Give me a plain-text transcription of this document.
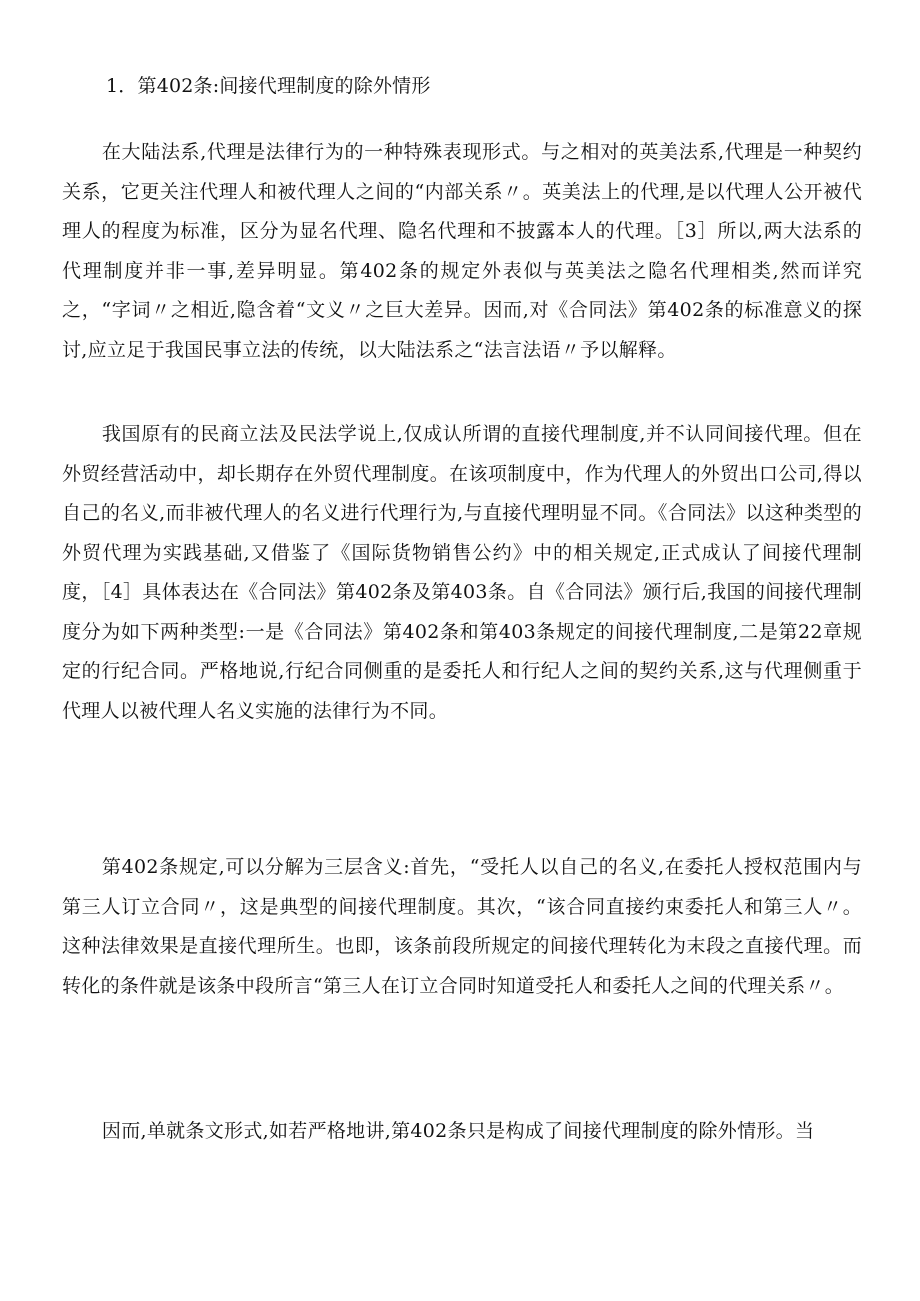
1．第402条:间接代理制度的除外情形

在大陆法系,代理是法律行为的一种特殊表现形式。与之相对的英美法系,代理是一种契约关系，它更关注代理人和被代理人之间的“内部关系〃。英美法上的代理,是以代理人公开被代理人的程度为标准，区分为显名代理、隐名代理和不披露本人的代理。［3］所以,两大法系的代理制度并非一事,差异明显。第402条的规定外表似与英美法之隐名代理相类,然而详究之，“字词〃之相近,隐含着“文义〃之巨大差异。因而,对《合同法》第402条的标准意义的探讨,应立足于我国民事立法的传统，以大陆法系之“法言法语〃予以解释。

我国原有的民商立法及民法学说上,仅成认所谓的直接代理制度,并不认同间接代理。但在外贸经营活动中，却长期存在外贸代理制度。在该项制度中，作为代理人的外贸出口公司,得以自己的名义,而非被代理人的名义进行代理行为,与直接代理明显不同。《合同法》以这种类型的外贸代理为实践基础,又借鉴了《国际货物销售公约》中的相关规定,正式成认了间接代理制度，［4］具体表达在《合同法》第402条及第403条。自《合同法》颁行后,我国的间接代理制度分为如下两种类型:一是《合同法》第402条和第403条规定的间接代理制度,二是第22章规定的行纪合同。严格地说,行纪合同侧重的是委托人和行纪人之间的契约关系,这与代理侧重于代理人以被代理人名义实施的法律行为不同。

第402条规定,可以分解为三层含义:首先，“受托人以自己的名义,在委托人授权范围内与第三人订立合同〃，这是典型的间接代理制度。其次，“该合同直接约束委托人和第三人〃。这种法律效果是直接代理所生。也即，该条前段所规定的间接代理转化为末段之直接代理。而转化的条件就是该条中段所言“第三人在订立合同时知道受托人和委托人之间的代理关系〃。

因而,单就条文形式,如若严格地讲,第402条只是构成了间接代理制度的除外情形。当
